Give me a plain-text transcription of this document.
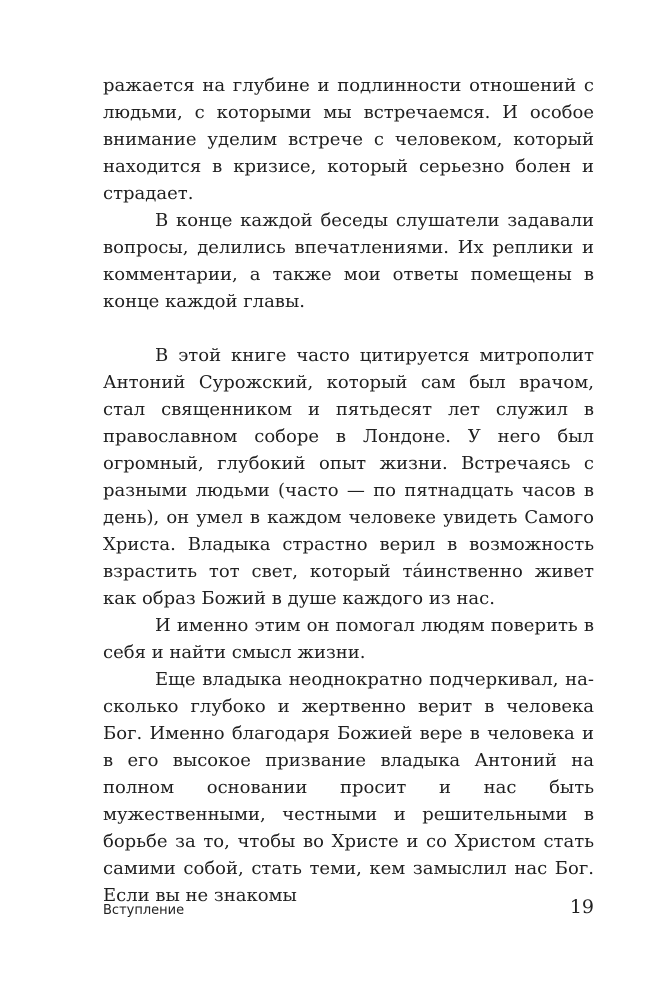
ражается на глубине и подлинности отношений с людьми, с которыми мы встречаемся. И особое внимание уделим встрече с человеком, который находится в кризисе, который серьезно болен и страдает.

В конце каждой беседы слушатели задавали вопросы, делились впечатлениями. Их реплики и комментарии, а также мои ответы помещены в конце каждой главы.

В этой книге часто цитируется митрополит Антоний Сурожский, который сам был врачом, стал священником и пятьдесят лет служил в православном соборе в Лондоне. У него был огромный, глубокий опыт жизни. Встречаясь с разными людьми (часто — по пятнадцать часов в день), он умел в каждом человеке увидеть Самого Христа. Владыка страстно верил в возможность взрастить тот свет, который та́инственно живет как образ Божий в душе каждого из нас.

И именно этим он помогал людям поверить в себя и найти смысл жизни.

Еще владыка неоднократно подчеркивал, насколько глубоко и жертвенно верит в человека Бог. Именно благодаря Божией вере в человека и в его высокое призвание владыка Антоний на полном основании просит и нас быть мужественными, честными и решительными в борьбе за то, чтобы во Христе и со Христом стать самими собой, стать теми, кем замыслил нас Бог. Если вы не знакомы

Вступление	19
